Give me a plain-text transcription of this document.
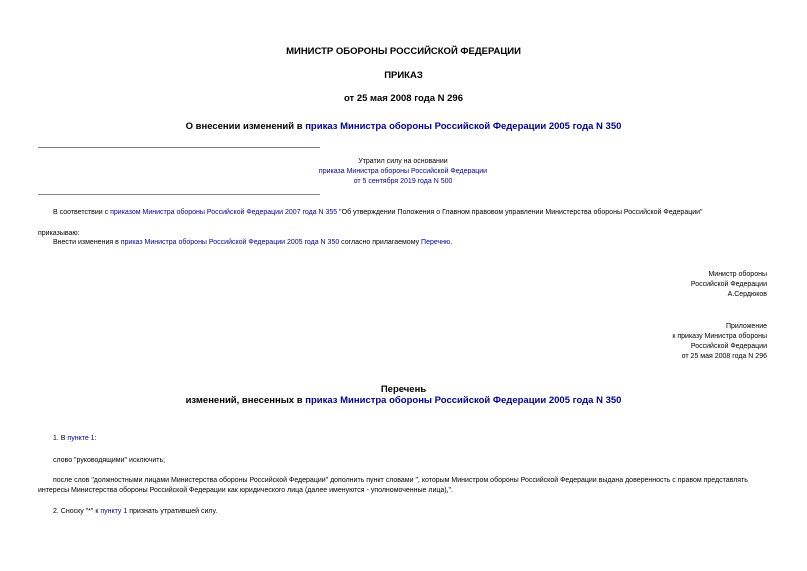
МИНИСТР ОБОРОНЫ РОССИЙСКОЙ ФЕДЕРАЦИИ
ПРИКАЗ
от 25 мая 2008 года N 296
О внесении изменений в приказ Министра обороны Российской Федерации 2005 года N 350
Утратил силу на основании
приказа Министра обороны Российской Федерации
от 5 сентября 2019 года N 500
В соответствии с приказом Министра обороны Российской Федерации 2007 года N 355 "Об утверждении Положения о Главном правовом управлении Министерства обороны Российской Федерации"
приказываю:
Внести изменения в приказ Министра обороны Российской Федерации 2005 года N 350 согласно прилагаемому Перечню.
Министр обороны
Российской Федерации
А.Сердюков
Приложение
к приказу Министра обороны
Российской Федерации
от 25 мая 2008 года N 296
Перечень
изменений, внесенных в приказ Министра обороны Российской Федерации 2005 года N 350
1. В пункте 1:
слово "руководящими" исключить;
после слов "должностными лицами Министерства обороны Российской Федерации" дополнить пункт словами ", которым Министром обороны Российской Федерации выдана доверенность с правом представлять
интересы Министерства обороны Российской Федерации как юридического лица (далее именуются - уполномоченные лица),".
2. Сноску "*" к пункту 1 признать утратившей силу.
